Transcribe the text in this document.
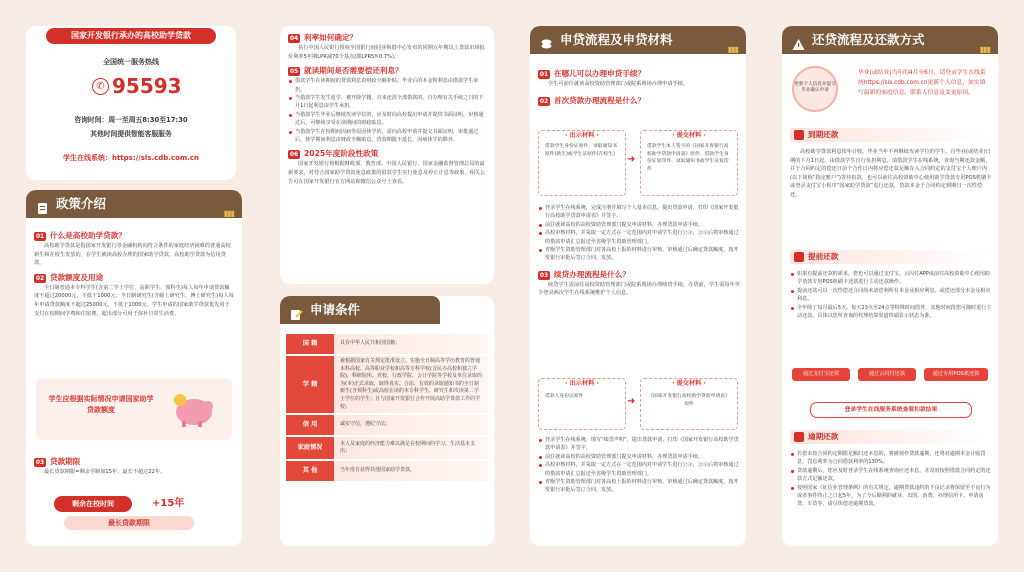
国家开发银行承办的高校助学贷款
全国统一服务热线
✆ 95593
咨询时间：周一至周五8:30至17:30
其他时间提供智能客服服务
学生在线系统：https://sls.cdb.com.cn
政策介绍
▮▮▮
01 什么是高校助学贷款？
高校助学贷款是指国家开发银行等金融机构向符合条件的家庭经济困难的普通高校新生和在校生发放的，在学生就读高校办理的国家助学贷款，高校助学贷款为信用贷款。
02 贷款额度及用途
全日制普通本专科学生(含第二学士学位、高职学生、预科生)每人每年申请贷款额度不超过20000元，不低于1000元；全日制研究生(含硕士研究生、博士研究生)每人每年申请贷款额度不超过25000元，不低于1000元。学生申请的国家助学贷款优先用于支付在校期间学费和住宿费，超出部分可用于弥补日常生活费。
学生应根据实际情况申请国家助学贷款额度
03 贷款期限
最长贷款期限=剩余学制加15年，最长不超过22年。
剩余在校时间	+15年
最长贷款期限
04 利率如何确定？
执行中国人民银行授权全国银行间同业拆借中心发布的同期五年期以上贷款市场报价利率5年期LPR减70个基点(即LPR5Y-0.7%)。
05 就读期间是否需要偿还利息？
借款学生在读期间的贷款利息由财政全额补贴，毕业后的本金和利息由借款学生承担。
当借款学生发生退学、被开除学籍，且未还清全部借款的，自办理有关手续之日的下月1日起利息由学生承担。
当借款学生毕业后继续攻读学位的，应及时向高校提出申请并提供书面证明，审核通过后，可继续享受在读期间的财政贴息。
当借款学生在校期间因病等原因休学的，需向高校申请并提交书面证明，审批通过后，休学期间利息由财政全额贴息，贷款期限不延长，因病休学的除外。
06 2025年度阶段性政策
国家开发银行将根据财政部、教育部、中国人民银行、国家金融监督管理总局的最新要求，对符合国家助学贷款免息政策的借款学生实行免息及停止计息等政策，相关公告可在国家开发银行官方网站和微信公众号上查看。
申请条件
国 籍	具有中华人民共和国国籍；
学 籍	被根据国家有关规定批准设立、实施全日制高等学历教育的普通本科高校、高等职业学校和高等专科学校(含民办高校和独立学院)，科研院所、党校、行政学院、会计学院等学校及单位录取的为(本)正式录取，取得真实、合法、有效的录取通知书的全日制新生(含预科生)或高校在读的本专科学生、研究生和攻读第二学士学位的学生；且与国家开发银行合作开展高助学贷款工作的学校；
信 用	诚实守信，遵纪守法；
家庭情况	本人及家庭的经济能力难以满足在校期间的学习、生活基本支出；
其 他	当年没有获得其他国家助学贷款。
申贷流程及申贷材料
▮▮▮
01 在哪儿可以办理申贷手续？
学生可前往就读高校资助管理部门或院系现场办理申请手续。
02 首次贷款办理流程是什么？
· 出示材料 ·
借款学生身份证原件、录取通知书原件(新生)或学生证原件(在校生)	➜
· 提交材料 ·
借款学生本人签字的《国家开发银行高校助学贷款申请表》原件、借款学生身份证复印件、录取通知书或学生证复印件
登录学生在线系统，完成注册并填写个人基本信息，提出贷款申请，打印《国家开发银行高校助学贷款申请表》并签字。
前往就读高校的高校资助管理部门提交申请材料，办理贷款申请手续。
高校审核材料，并采取一定方式在一定范围内对申请学生进行公示，公示后将审核通过的借款申请汇总报送至省级学生资助管理部门。
省级学生资助管理部门对各高校上报的材料进行审核，审核通过后确定贷款额度，按开发银行审批后签订合同，发放。
03 续贷办理流程是什么？
续贷学生需前往高校资助管理部门或院系现场办理续贷手续，办贷前，学生需每年至少登录两次学生在线系统维护个人信息。
· 出示材料 ·
借款人身份证原件	➜
· 提交材料 ·
《国家开发银行高校助学贷款申请表》原件
登录学生在线系统，填写“续贷声明”，提出贷款申请，打印《国家开发银行高校助学贷款申请表》并签字。
前往就读高校的高校资助管理部门提交申请材料，办理贷款申请手续。
高校审核材料，并采取一定方式在一定范围内对申请学生进行公示，公示后将审核通过的借款申请汇总报送至省级学生资助管理部门。
省级学生资助管理部门对各高校上报的材料进行审核，审核通过后确定贷款额度，按开发银行审批后签订合同，发放。
还贷流程及还款方式
▮▮▮
更新个人信息并提交毕业确认申请
毕业(或结业)当年的4月至6月，请登录学生在线系统https://sls.cdb.com.cn更新个人信息，如实填写最新的家庭信息、联系人信息及变更原因。
到期还款
高校助学贷款利息按年计收，毕业当年不再继续攻读学位的学生，自毕业(或结业)日期的下月1日起，由借款学生自行负担利息。请借款学生在线系统，查询当期还款金额，并于合同约定的偿还日前个合作日内将应偿还款足额存入合同约定的支付宝个人账户内(以下简称“指定账户”)等待扣款，也可以前往高校资助中心使用助学贷款专用POS机刷卡或登录支付宝小程序“国家助学贷款”进行还款，贷款本金于合同约定到期日一次性偿还。
提前还款
如果有提前还款的需求，您也可以通过支付宝、云闪付APP或前往高校资助中心使用助学贷款专用POS机刷卡还款进行主动还款操作。
提前还款可以一次性偿还合同尚未清偿利所有本金及相应利息，或偿还部分本金及相应利息。
全年除了每月最后5天、每天23点至24点等特殊时间段外，其他时间段您可随时进行主动还款。具体以您所查询的代理结算渠道终端显示状态为准。
通过支付宝还款	通过云闪付还款	通过专用POS机还款
登录学生在线服务系统查看扣款结果
逾期还款
若您未按合同约定期限足额归还本息的，将被视作贷款逾期，还将对逾期本金计收罚息，罚息利率为合同借款利率的130%。
贷款逾期后，您应及时登录学生在线系统查询应还本息，并及时按照借款合同约定的还款方式足额还款。
按照国家《征信业管理条例》的有关规定，逾期贷款违约的不良记录将保留至不良行为或者事件终止之日起5年，为了今后顺利的就业、出国、消费、办理信用卡、申请房贷、车贷等，请尽快偿还逾期贷款。
